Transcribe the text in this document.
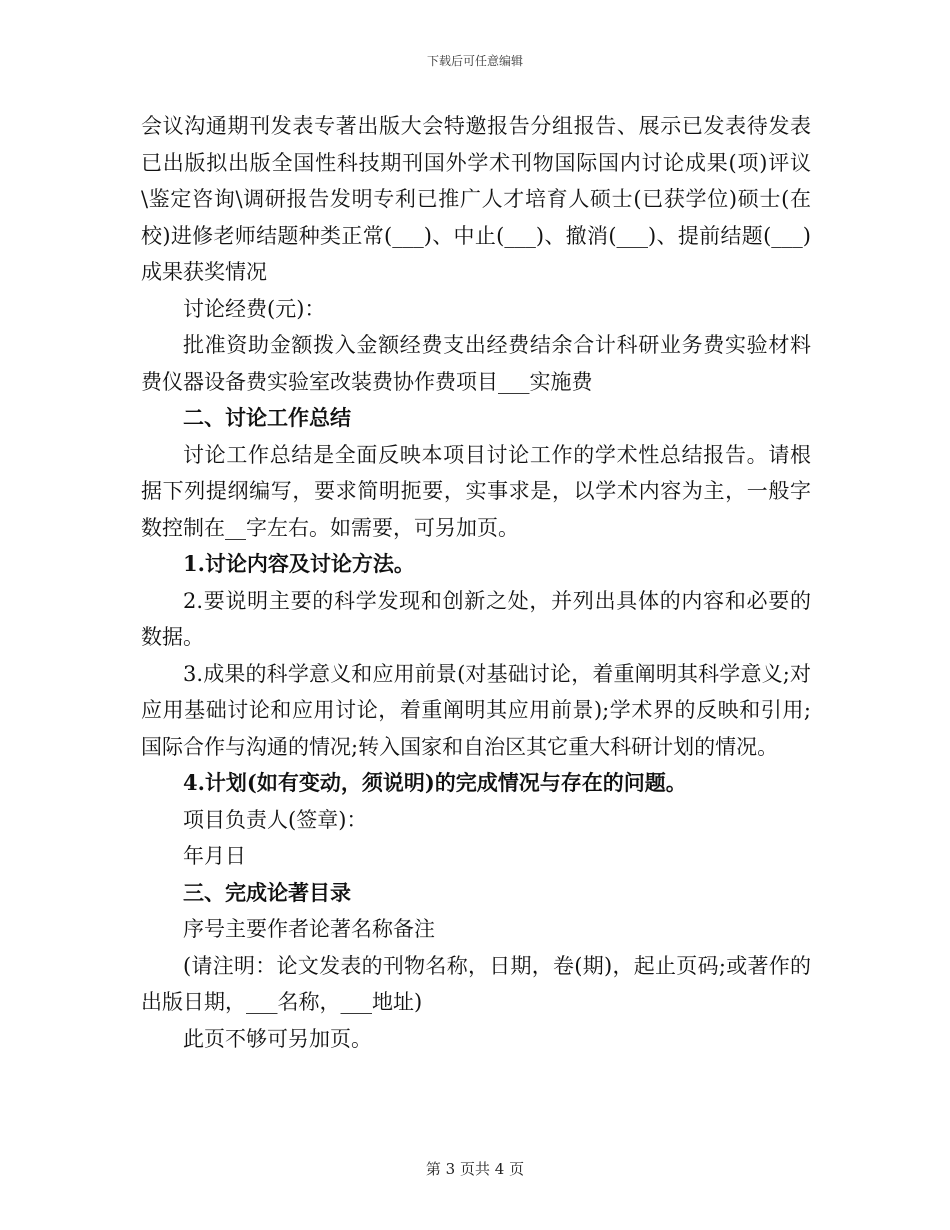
下载后可任意编辑

会议沟通期刊发表专著出版大会特邀报告分组报告、展示已发表待发表已出版拟出版全国性科技期刊国外学术刊物国际国内讨论成果(项)评议\鉴定咨询\调研报告发明专利已推广人才培育人硕士(已获学位)硕士(在校)进修老师结题种类正常(___)、中止(___)、撤消(___)、提前结题(___)成果获奖情况

讨论经费(元)：

批准资助金额拨入金额经费支出经费结余合计科研业务费实验材料费仪器设备费实验室改装费协作费项目___实施费

二、讨论工作总结

讨论工作总结是全面反映本项目讨论工作的学术性总结报告。请根据下列提纲编写，要求简明扼要，实事求是，以学术内容为主，一般字数控制在__字左右。如需要，可另加页。

1.讨论内容及讨论方法。

2.要说明主要的科学发现和创新之处，并列出具体的内容和必要的数据。

3.成果的科学意义和应用前景(对基础讨论，着重阐明其科学意义;对应用基础讨论和应用讨论，着重阐明其应用前景);学术界的反映和引用;国际合作与沟通的情况;转入国家和自治区其它重大科研计划的情况。

4.计划(如有变动，须说明)的完成情况与存在的问题。

项目负责人(签章)：

年月日

三、完成论著目录

序号主要作者论著名称备注

(请注明：论文发表的刊物名称，日期，卷(期)，起止页码;或著作的出版日期，___名称，___地址)

此页不够可另加页。

第 3 页共 4 页
